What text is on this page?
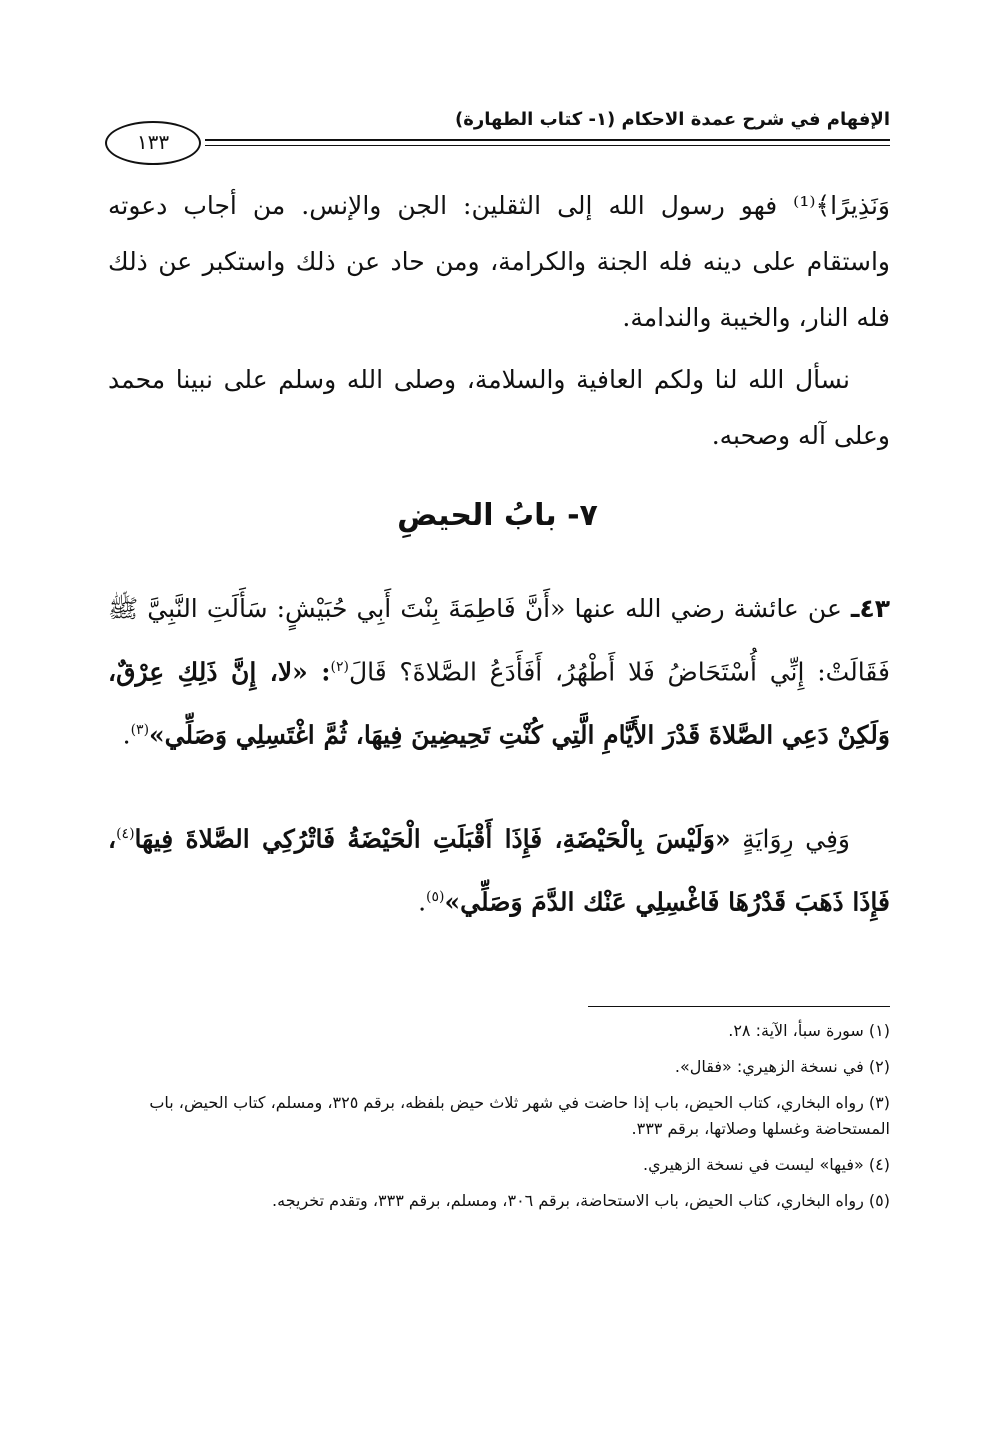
الإفهام في شرح عمدة الاحكام (١- كتاب الطهارة)
١٣٣
وَنَذِيرًا﴾⁽¹⁾ فهو رسول الله إلى الثقلين: الجن والإنس. من أجاب دعوته واستقام على دينه فله الجنة والكرامة، ومن حاد عن ذلك واستكبر عن ذلك فله النار، والخيبة والندامة.
نسأل الله لنا ولكم العافية والسلامة، وصلى الله وسلم على نبينا محمد وعلى آله وصحبه.
٧- بابُ الحيضِ
٤٣ـ عن عائشة رضي الله عنها «أَنَّ فَاطِمَةَ بِنْتَ أَبِي حُبَيْشٍ: سَأَلَتِ النَّبِيَّ ﷺ فَقَالَتْ: إِنِّي أُسْتَحَاضُ فَلا أَطْهُرُ، أَفَأَدَعُ الصَّلاةَ؟ قَالَ$^{(٢)}$: «لا، إِنَّ ذَلِكِ عِرْقٌ، وَلَكِنْ دَعِي الصَّلاةَ قَدْرَ الأَيَّامِ الَّتِي كُنْتِ تَحِيضِينَ فِيهَا، ثُمَّ اغْتَسِلِي وَصَلِّي»$^{(٣)}$.
وَفِي رِوَايَةٍ «وَلَيْسَ بِالْحَيْضَةِ، فَإِذَا أَقْبَلَتِ الْحَيْضَةُ فَاتْرُكِي الصَّلاةَ فِيهَا$^{(٤)}$، فَإِذَا ذَهَبَ قَدْرُهَا فَاغْسِلِي عَنْك الدَّمَ وَصَلِّي»$^{(٥)}$.
(١) سورة سبأ، الآية: ٢٨.
(٢) في نسخة الزهيري: «فقال».
(٣) رواه البخاري، كتاب الحيض، باب إذا حاضت في شهر ثلاث حيض بلفظه، برقم ٣٢٥، ومسلم، كتاب الحيض، باب المستحاضة وغسلها وصلاتها، برقم ٣٣٣.
(٤) «فيها» ليست في نسخة الزهيري.
(٥) رواه البخاري، كتاب الحيض، باب الاستحاضة، برقم ٣٠٦، ومسلم، برقم ٣٣٣، وتقدم تخريجه.
